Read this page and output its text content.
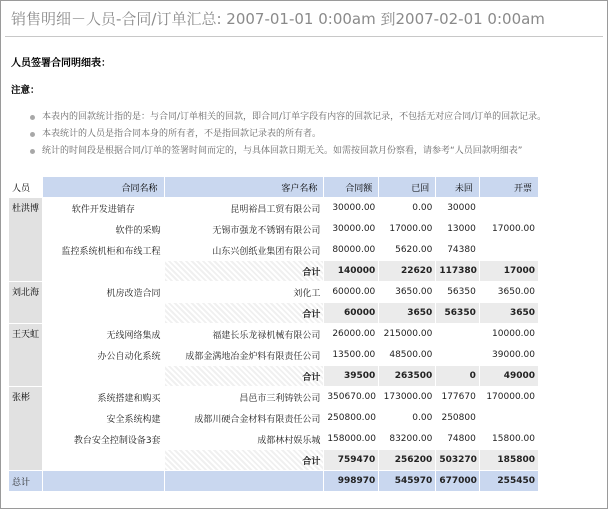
销售明细－人员-合同/订单汇总: 2007-01-01 0:00am 到2007-02-01 0:00am
人员签署合同明细表：
注意：
本表内的回款统计指的是：与合同/订单相关的回款，即合同/订单字段有内容的回款记录，不包括无对应合同/订单的回款记录。
本表统计的人员是指合同本身的所有者，不是指回款记录表的所有者。
统计的时间段是根据合同/订单的签署时间而定的，与具体回款日期无关。如需按回款月份察看，请参考“人员回款明细表”
人员	合同名称	客户名称	合同额	已回	未回	开票
杜洪博	软件开发进销存	昆明裕昌工贸有限公司	30000.00	0.00	30000	
	软件的采购	无锡市强龙不锈钢有限公司	30000.00	17000.00	13000	17000.00
	监控系统机柜和布线工程	山东兴创纸业集团有限公司	80000.00	5620.00	74380	
		合计	140000	22620	117380	17000
刘北海	机房改造合同	刘化工	60000.00	3650.00	56350	3650.00
		合计	60000	3650	56350	3650
王天虹	无线网络集成	福建长乐龙禄机械有限公司	26000.00	215000.00		10000.00
	办公自动化系统	成都金满地冶金炉料有限责任公司	13500.00	48500.00		39000.00
		合计	39500	263500	0	49000
张彬	系统搭建和购买	昌邑市三利铸铁公司	350670.00	173000.00	177670	170000.00
	安全系统构建	成都川硬合金材料有限责任公司	250800.00	0.00	250800	
	教台安全控制设备3套	成都林村娱乐城	158000.00	83200.00	74800	15800.00
		合计	759470	256200	503270	185800
总计			998970	545970	677000	255450
